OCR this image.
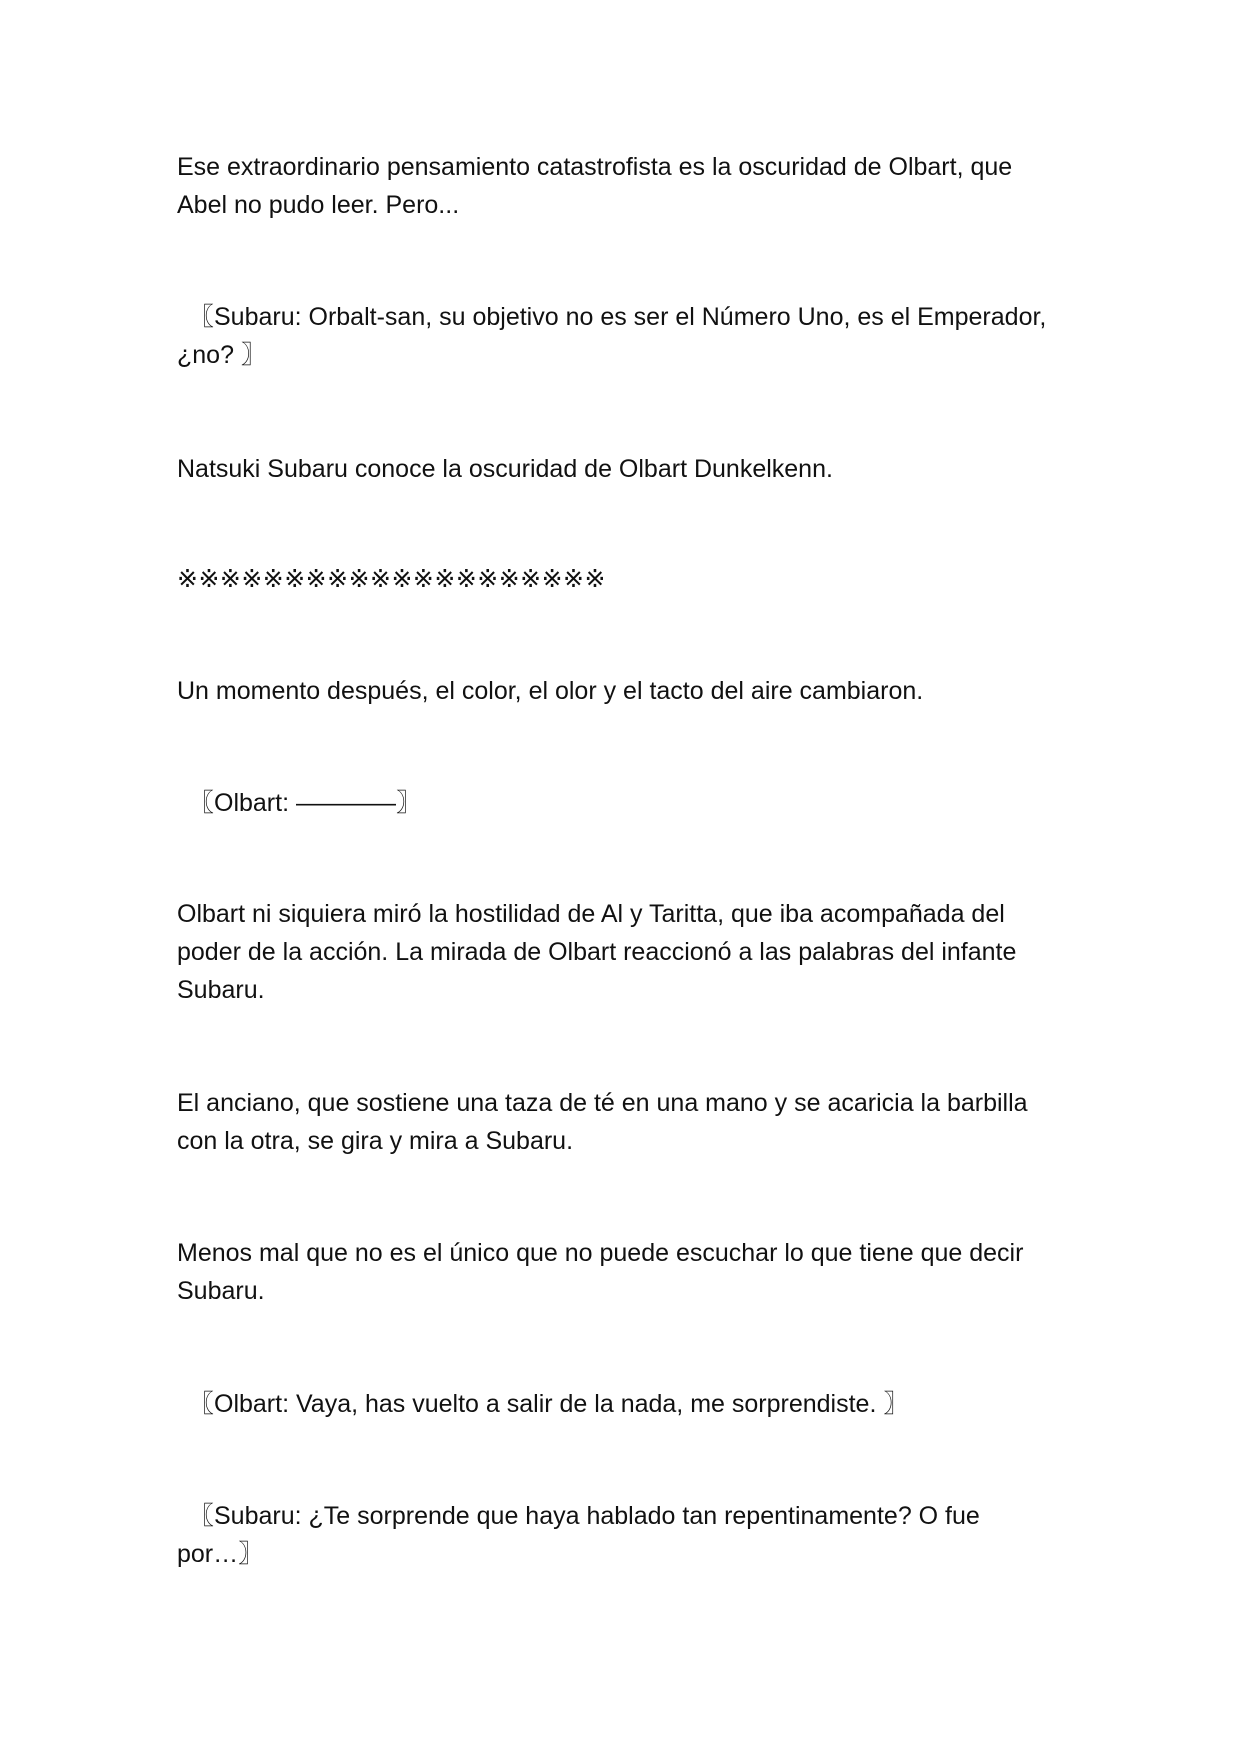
Ese extraordinario pensamiento catastrofista es la oscuridad de Olbart, que Abel no pudo leer. Pero...

〖Subaru: Orbalt-san, su objetivo no es ser el Número Uno, es el Emperador, ¿no? 〗

Natsuki Subaru conoce la oscuridad de Olbart Dunkelkenn.

※※※※※※※※※※※※※※※※※※※※

Un momento después, el color, el olor y el tacto del aire cambiaron.

〖Olbart: ————〗

Olbart ni siquiera miró la hostilidad de Al y Taritta, que iba acompañada del poder de la acción. La mirada de Olbart reaccionó a las palabras del infante Subaru.

El anciano, que sostiene una taza de té en una mano y se acaricia la barbilla con la otra, se gira y mira a Subaru.

Menos mal que no es el único que no puede escuchar lo que tiene que decir Subaru.

〖Olbart: Vaya, has vuelto a salir de la nada, me sorprendiste. 〗

〖Subaru: ¿Te sorprende que haya hablado tan repentinamente? O fue por…〗
